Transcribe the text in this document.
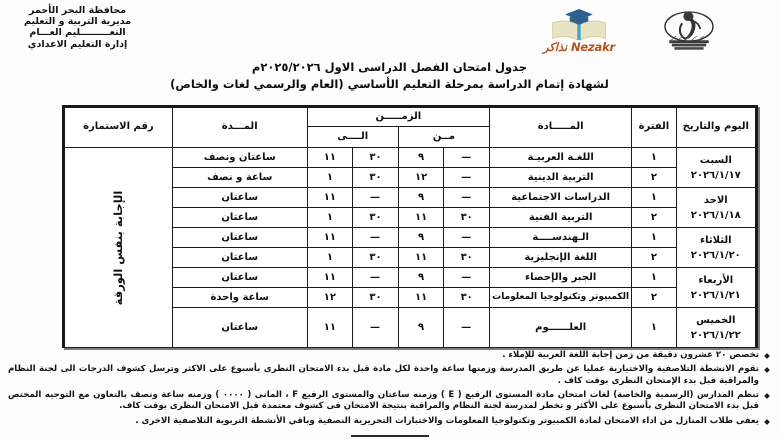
محافظة البحر الأحمر
مديرية التربية و التعليم
التعـــــــــليم العـــام
إدارة التعليم الاعدادي	Nezakr نذاكر
جدول امتحان الفصل الدراسى الاول ٢٠٢٥/٢٠٢٦م
لشهادة إتمام الدراسة بمرحلة التعليم الأساسي (العام والرسمي لغات والخاص)
اليوم والتاريخ	الفترة	المـــــادة	الزمـــــن				المـــدة	رقم الاستمارة
			مــن		الــــى			

السبت
٢٠٢٦/١/١٧	١	اللغـة العربيـة	—	٩	٣٠	١١	ساعتان ونصف	الإجابة بنفس الورقة

	٢	التربية الدينية	—	١٢	٣٠	١	ساعة و نصف	

الاحد
٢٠٢٦/١/١٨	١	الدراسات الاجتماعية	—	٩	—	١١	ساعتان	
	٢	التربية الفنية	٣٠	١١	٣٠	١	ساعتان	

الثلاثاء
٢٠٢٦/١/٢٠	١	الـهندســــة	—	٩	—	١١	ساعتان	
	٢	اللغة الإنجليزية	٣٠	١١	٣٠	١	ساعتان	

الأربعاء
٢٠٢٦/١/٢١	١	الجبر والإحصاء	—	٩	—	١١	ساعتان	
	٢	الكمبيوتر وتكنولوجيا المعلومات	٣٠	١١	٣٠	١٢	ساعة واحدة	

الخميس
٢٠٢٦/١/٢٢	١	العلــــــوم	—	٩	—	١١	ساعتان	
تخصص ٢٠ عشرون دقيقة من زمن إجابة اللغة العربية للإملاء .
تقوم الانشطة التلاصفية والاختيارية عمليا عن طريق المدرسة وزمنها ساعة واحدة لكل مادة قبل بدء الامتحان النظرى بأسبوع على الاكثر وترسل كشوف الدرجات الى لجنة النظام والمراقبة قبل بدء الإمتحان النظرى بوقت كاف .
تنظم المدارس (الرسمية والخاصة) لغات امتحان مادة المستوى الرفيع ( E ) وزمنه ساعتان والمستوى الرفيع F ، المانى ( ٠٠٠٠ ) وزمنه ساعة ونصف بالتعاون مع التوجيه المختص قبل بدء الامتحان النظرى بأسبوع على الأكثر و تخطر لمدرسة لجنة النظام والمراقبة بنتيجة الامتحان فى كشوف معتمدة قبل الامتحان النظرى بوقت كاف.
يعفى طلاب المنازل من اداء الامتحان لمادة الكمبيوتر وتكنولوجيا المعلومات والاختبارات التحريرية النصفية وباقي الأنشطة التربوية التلاصفية الاخرى .
